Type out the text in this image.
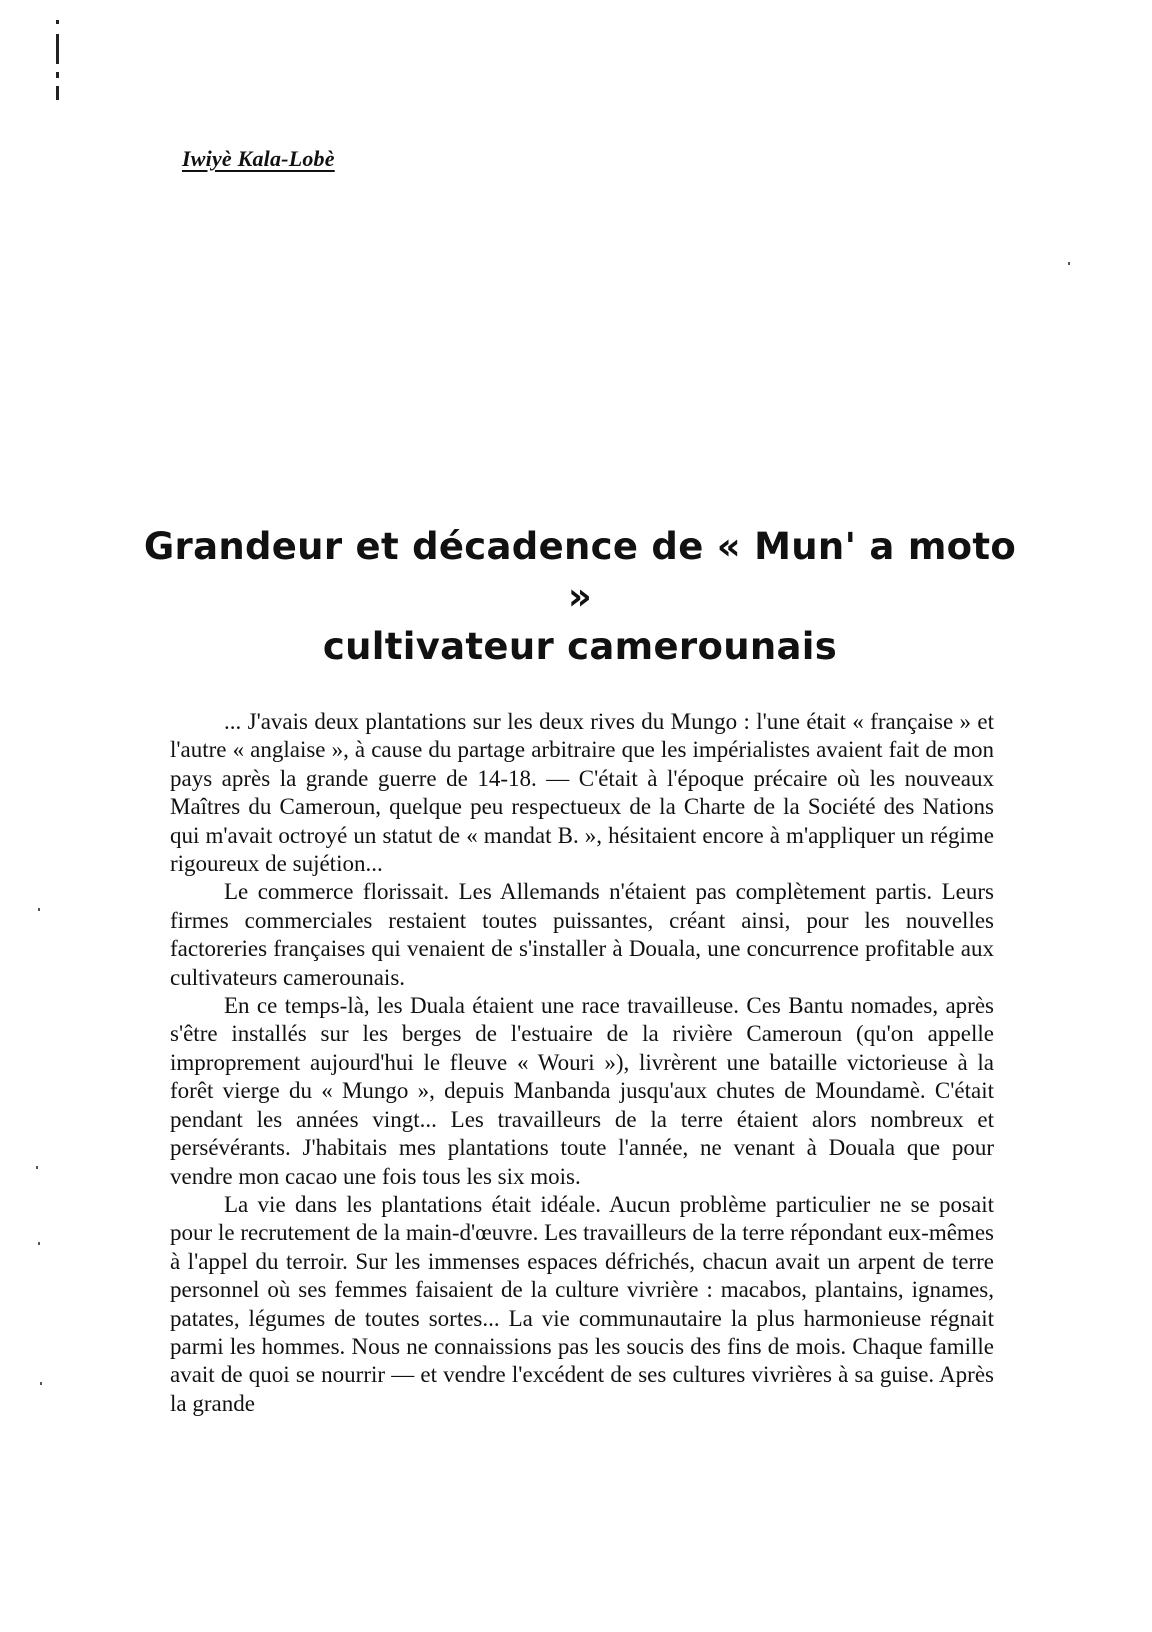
Iwiyè Kala-Lobè
Grandeur et décadence de « Mun' a moto »
cultivateur camerounais

... J'avais deux plantations sur les deux rives du Mungo : l'une était « française » et l'autre « anglaise », à cause du partage arbitraire que les impérialistes avaient fait de mon pays après la grande guerre de 14-18. — C'était à l'époque précaire où les nouveaux Maîtres du Cameroun, quelque peu respectueux de la Charte de la Société des Nations qui m'avait octroyé un statut de « mandat B. », hésitaient encore à m'appliquer un régime rigoureux de sujétion...

Le commerce florissait. Les Allemands n'étaient pas complètement partis. Leurs firmes commerciales restaient toutes puissantes, créant ainsi, pour les nouvelles factoreries françaises qui venaient de s'installer à Douala, une concurrence profitable aux cultivateurs camerounais.

En ce temps-là, les Duala étaient une race travailleuse. Ces Bantu nomades, après s'être installés sur les berges de l'estuaire de la rivière Cameroun (qu'on appelle improprement aujourd'hui le fleuve « Wouri »), livrèrent une bataille victorieuse à la forêt vierge du « Mungo », depuis Manbanda jusqu'aux chutes de Moundamè. C'était pendant les années vingt... Les travailleurs de la terre étaient alors nombreux et persévérants. J'habitais mes plantations toute l'année, ne venant à Douala que pour vendre mon cacao une fois tous les six mois.

La vie dans les plantations était idéale. Aucun problème particulier ne se posait pour le recrutement de la main-d'œuvre. Les travailleurs de la terre répondant eux-mêmes à l'appel du terroir. Sur les immenses espaces défrichés, chacun avait un arpent de terre personnel où ses femmes faisaient de la culture vivrière : macabos, plantains, ignames, patates, légumes de toutes sortes... La vie communautaire la plus harmonieuse régnait parmi les hommes. Nous ne connaissions pas les soucis des fins de mois. Chaque famille avait de quoi se nourrir — et vendre l'excédent de ses cultures vivrières à sa guise. Après la grande
